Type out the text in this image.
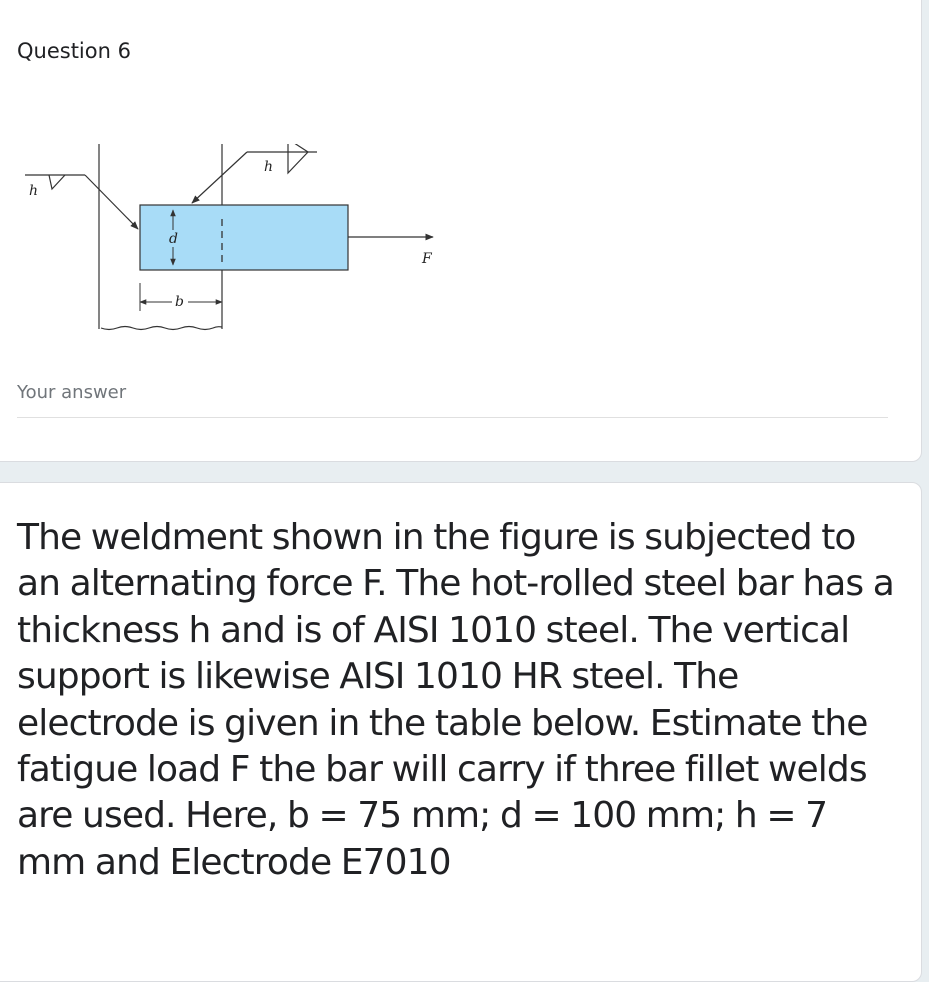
Question 6
F
d
b
h
h
Your answer

The weldment shown in the figure is subjected to an alternating force F. The hot-rolled steel bar has a thickness h and is of AISI 1010 steel. The vertical support is likewise AISI 1010 HR steel. The electrode is given in the table below. Estimate the fatigue load F the bar will carry if three fillet welds are used. Here, b = 75 mm; d = 100 mm; h = 7 mm and Electrode E7010
